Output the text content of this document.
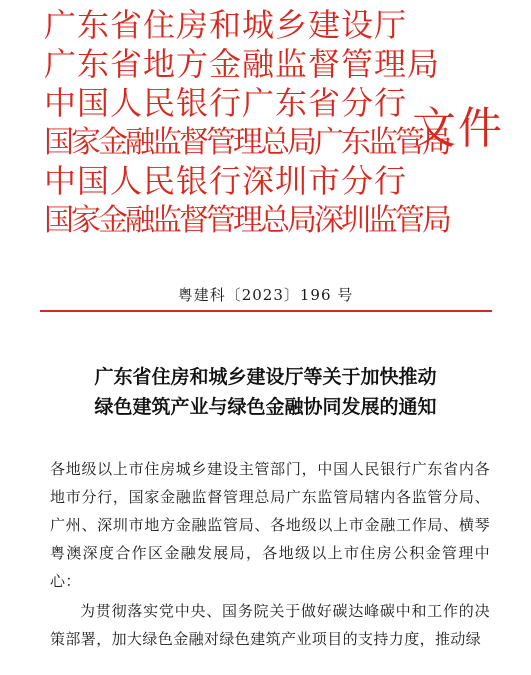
广东省住房和城乡建设厅
广东省地方金融监督管理局
中国人民银行广东省分行
国家金融监督管理总局广东监管局
中国人民银行深圳市分行
国家金融监督管理总局深圳监管局
文件
粤建科〔2023〕196 号
广东省住房和城乡建设厅等关于加快推动
绿色建筑产业与绿色金融协同发展的通知

各地级以上市住房城乡建设主管部门，中国人民银行广东省内各地市分行，国家金融监督管理总局广东监管局辖内各监管分局、广州、深圳市地方金融监管局、各地级以上市金融工作局、横琴粤澳深度合作区金融发展局，各地级以上市住房公积金管理中心：

为贯彻落实党中央、国务院关于做好碳达峰碳中和工作的决策部署，加大绿色金融对绿色建筑产业项目的支持力度，推动绿
